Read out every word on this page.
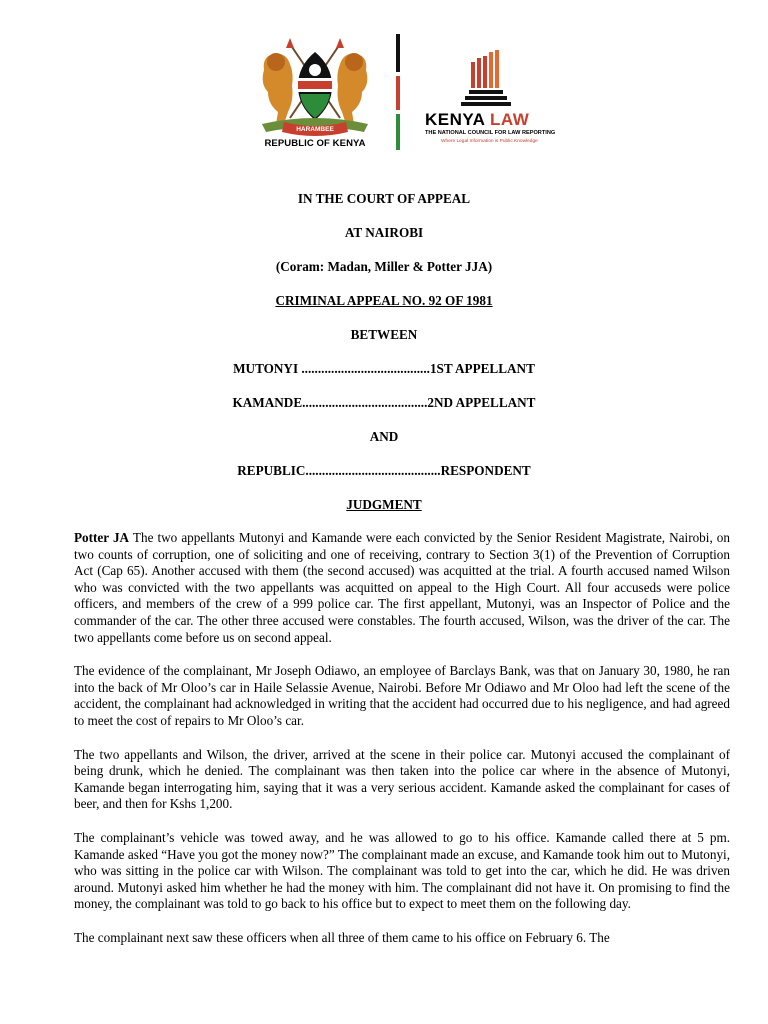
HARAMBEE
REPUBLIC OF KENYA
KENYA LAW
THE NATIONAL COUNCIL FOR LAW REPORTING
Where Legal Information is Public Knowledge
IN THE COURT OF APPEAL
AT NAIROBI
(Coram: Madan, Miller & Potter JJA)
CRIMINAL APPEAL NO. 92 OF 1981
BETWEEN
MUTONYI .......................................1ST APPELLANT
KAMANDE......................................2ND APPELLANT
AND
REPUBLIC.........................................RESPONDENT
JUDGMENT

Potter JA The two appellants Mutonyi and Kamande were each convicted by the Senior Resident Magistrate, Nairobi, on two counts of corruption, one of soliciting and one of receiving, contrary to Section 3(1) of the Prevention of Corruption Act (Cap 65). Another accused with them (the second accused) was acquitted at the trial. A fourth accused named Wilson who was convicted with the two appellants was acquitted on appeal to the High Court. All four accuseds were police officers, and members of the crew of a 999 police car. The first appellant, Mutonyi, was an Inspector of Police and the commander of the car. The other three accused were constables. The fourth accused, Wilson, was the driver of the car. The two appellants come before us on second appeal.

The evidence of the complainant, Mr Joseph Odiawo, an employee of Barclays Bank, was that on January 30, 1980, he ran into the back of Mr Oloo’s car in Haile Selassie Avenue, Nairobi. Before Mr Odiawo and Mr Oloo had left the scene of the accident, the complainant had acknowledged in writing that the accident had occurred due to his negligence, and had agreed to meet the cost of repairs to Mr Oloo’s car.

The two appellants and Wilson, the driver, arrived at the scene in their police car. Mutonyi accused the complainant of being drunk, which he denied. The complainant was then taken into the police car where in the absence of Mutonyi, Kamande began interrogating him, saying that it was a very serious accident. Kamande asked the complainant for cases of beer, and then for Kshs 1,200.

The complainant’s vehicle was towed away, and he was allowed to go to his office. Kamande called there at 5 pm. Kamande asked “Have you got the money now?” The complainant made an excuse, and Kamande took him out to Mutonyi, who was sitting in the police car with Wilson. The complainant was told to get into the car, which he did. He was driven around. Mutonyi asked him whether he had the money with him. The complainant did not have it. On promising to find the money, the complainant was told to go back to his office but to expect to meet them on the following day.

The complainant next saw these officers when all three of them came to his office on February 6. The
